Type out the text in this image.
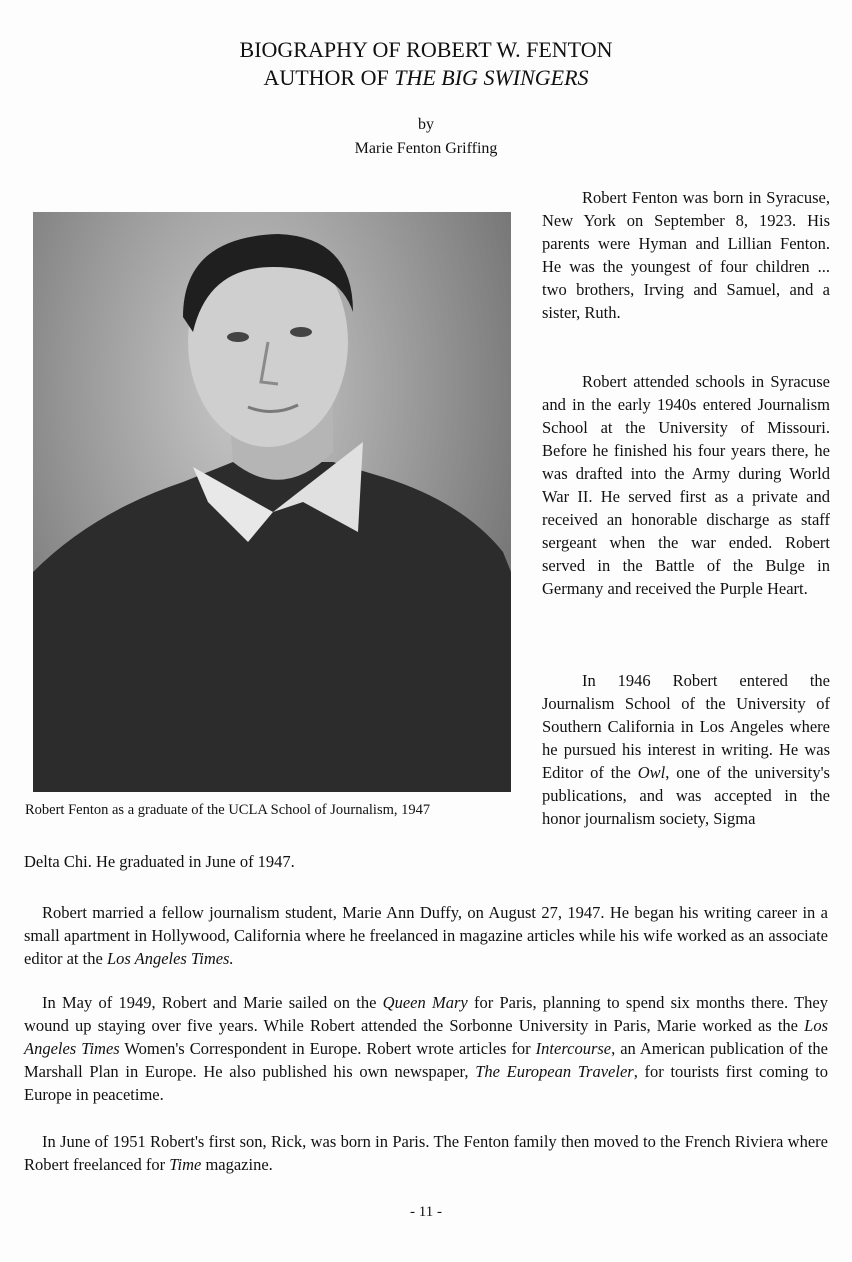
BIOGRAPHY OF ROBERT W. FENTON
AUTHOR OF THE BIG SWINGERS
by
Marie Fenton Griffing
Robert Fenton as a graduate of the UCLA School of Journalism, 1947

Robert Fenton was born in Syracuse, New York on September 8, 1923. His parents were Hyman and Lillian Fenton. He was the youngest of four children ... two brothers, Irving and Samuel, and a sister, Ruth.

Robert attended schools in Syracuse and in the early 1940s entered Journalism School at the University of Missouri. Before he finished his four years there, he was drafted into the Army during World War II. He served first as a private and received an honorable discharge as staff sergeant when the war ended. Robert served in the Battle of the Bulge in Germany and received the Purple Heart.

In 1946 Robert entered the Journalism School of the University of Southern California in Los Angeles where he pursued his interest in writing. He was Editor of the Owl, one of the university's publications, and was accepted in the honor journalism society, Sigma

Delta Chi. He graduated in June of 1947.

Robert married a fellow journalism student, Marie Ann Duffy, on August 27, 1947. He began his writing career in a small apartment in Hollywood, California where he freelanced in magazine articles while his wife worked as an associate editor at the Los Angeles Times.

In May of 1949, Robert and Marie sailed on the Queen Mary for Paris, planning to spend six months there. They wound up staying over five years. While Robert attended the Sorbonne University in Paris, Marie worked as the Los Angeles Times Women's Correspondent in Europe. Robert wrote articles for Intercourse, an American publication of the Marshall Plan in Europe. He also published his own newspaper, The European Traveler, for tourists first coming to Europe in peacetime.

In June of 1951 Robert's first son, Rick, was born in Paris. The Fenton family then moved to the French Riviera where Robert freelanced for Time magazine.

- 11 -
